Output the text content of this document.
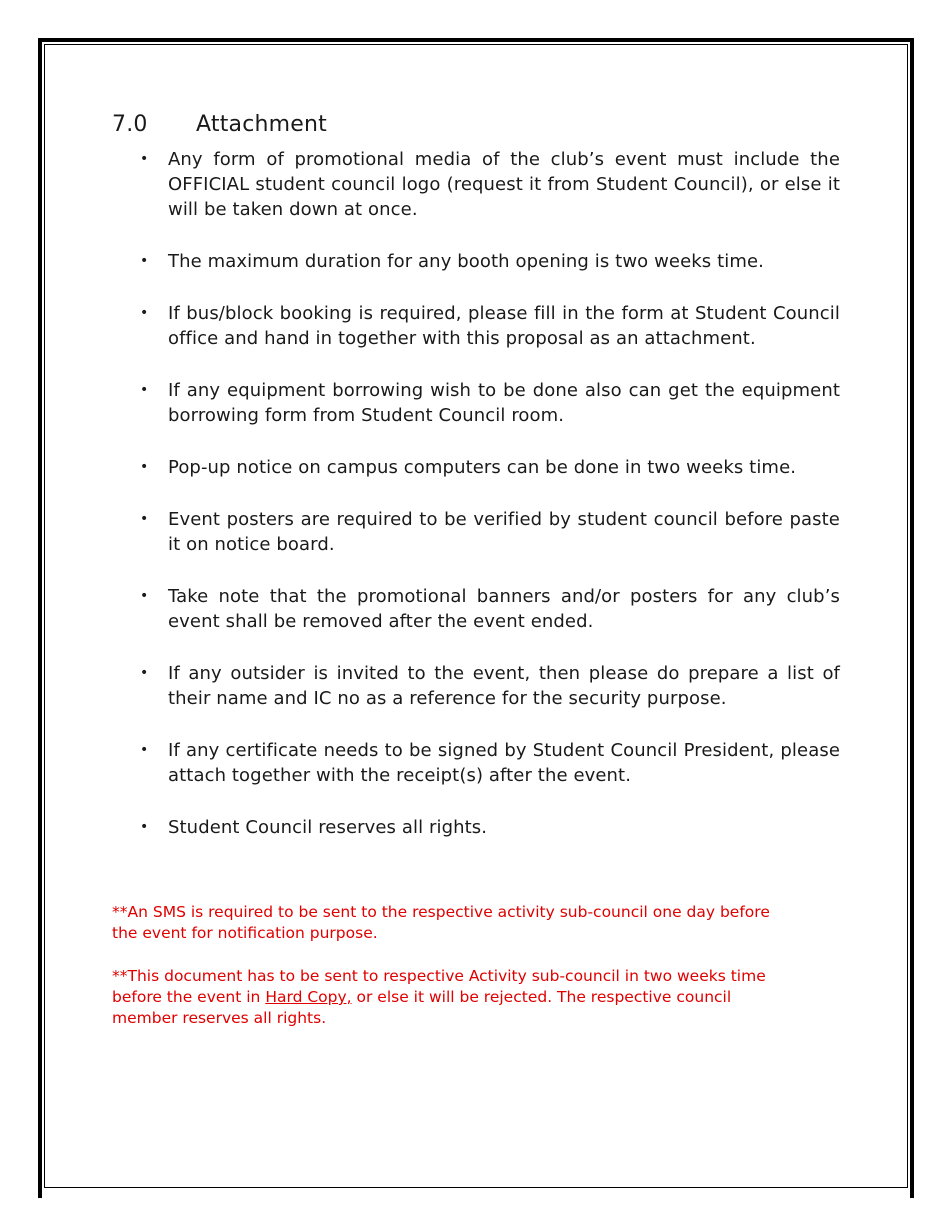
7.0	Attachment
• Any form of promotional media of the club’s event must include the OFFICIAL student council logo (request it from Student Council), or else it will be taken down at once.
• The maximum duration for any booth opening is two weeks time.
• If bus/block booking is required, please fill in the form at Student Council office and hand in together with this proposal as an attachment.
• If any equipment borrowing wish to be done also can get the equipment borrowing form from Student Council room.
• Pop-up notice on campus computers can be done in two weeks time.
• Event posters are required to be verified by student council before paste it on notice board.
• Take note that the promotional banners and/or posters for any club’s event shall be removed after the event ended.
• If any outsider is invited to the event, then please do prepare a list of their name and IC no as a reference for the security purpose.
• If any certificate needs to be signed by Student Council President, please attach together with the receipt(s) after the event.
• Student Council reserves all rights.

**An SMS is required to be sent to the respective activity sub-council one day before the event for notification purpose.

**This document has to be sent to respective Activity sub-council in two weeks time before the event in Hard Copy, or else it will be rejected. The respective council member reserves all rights.
